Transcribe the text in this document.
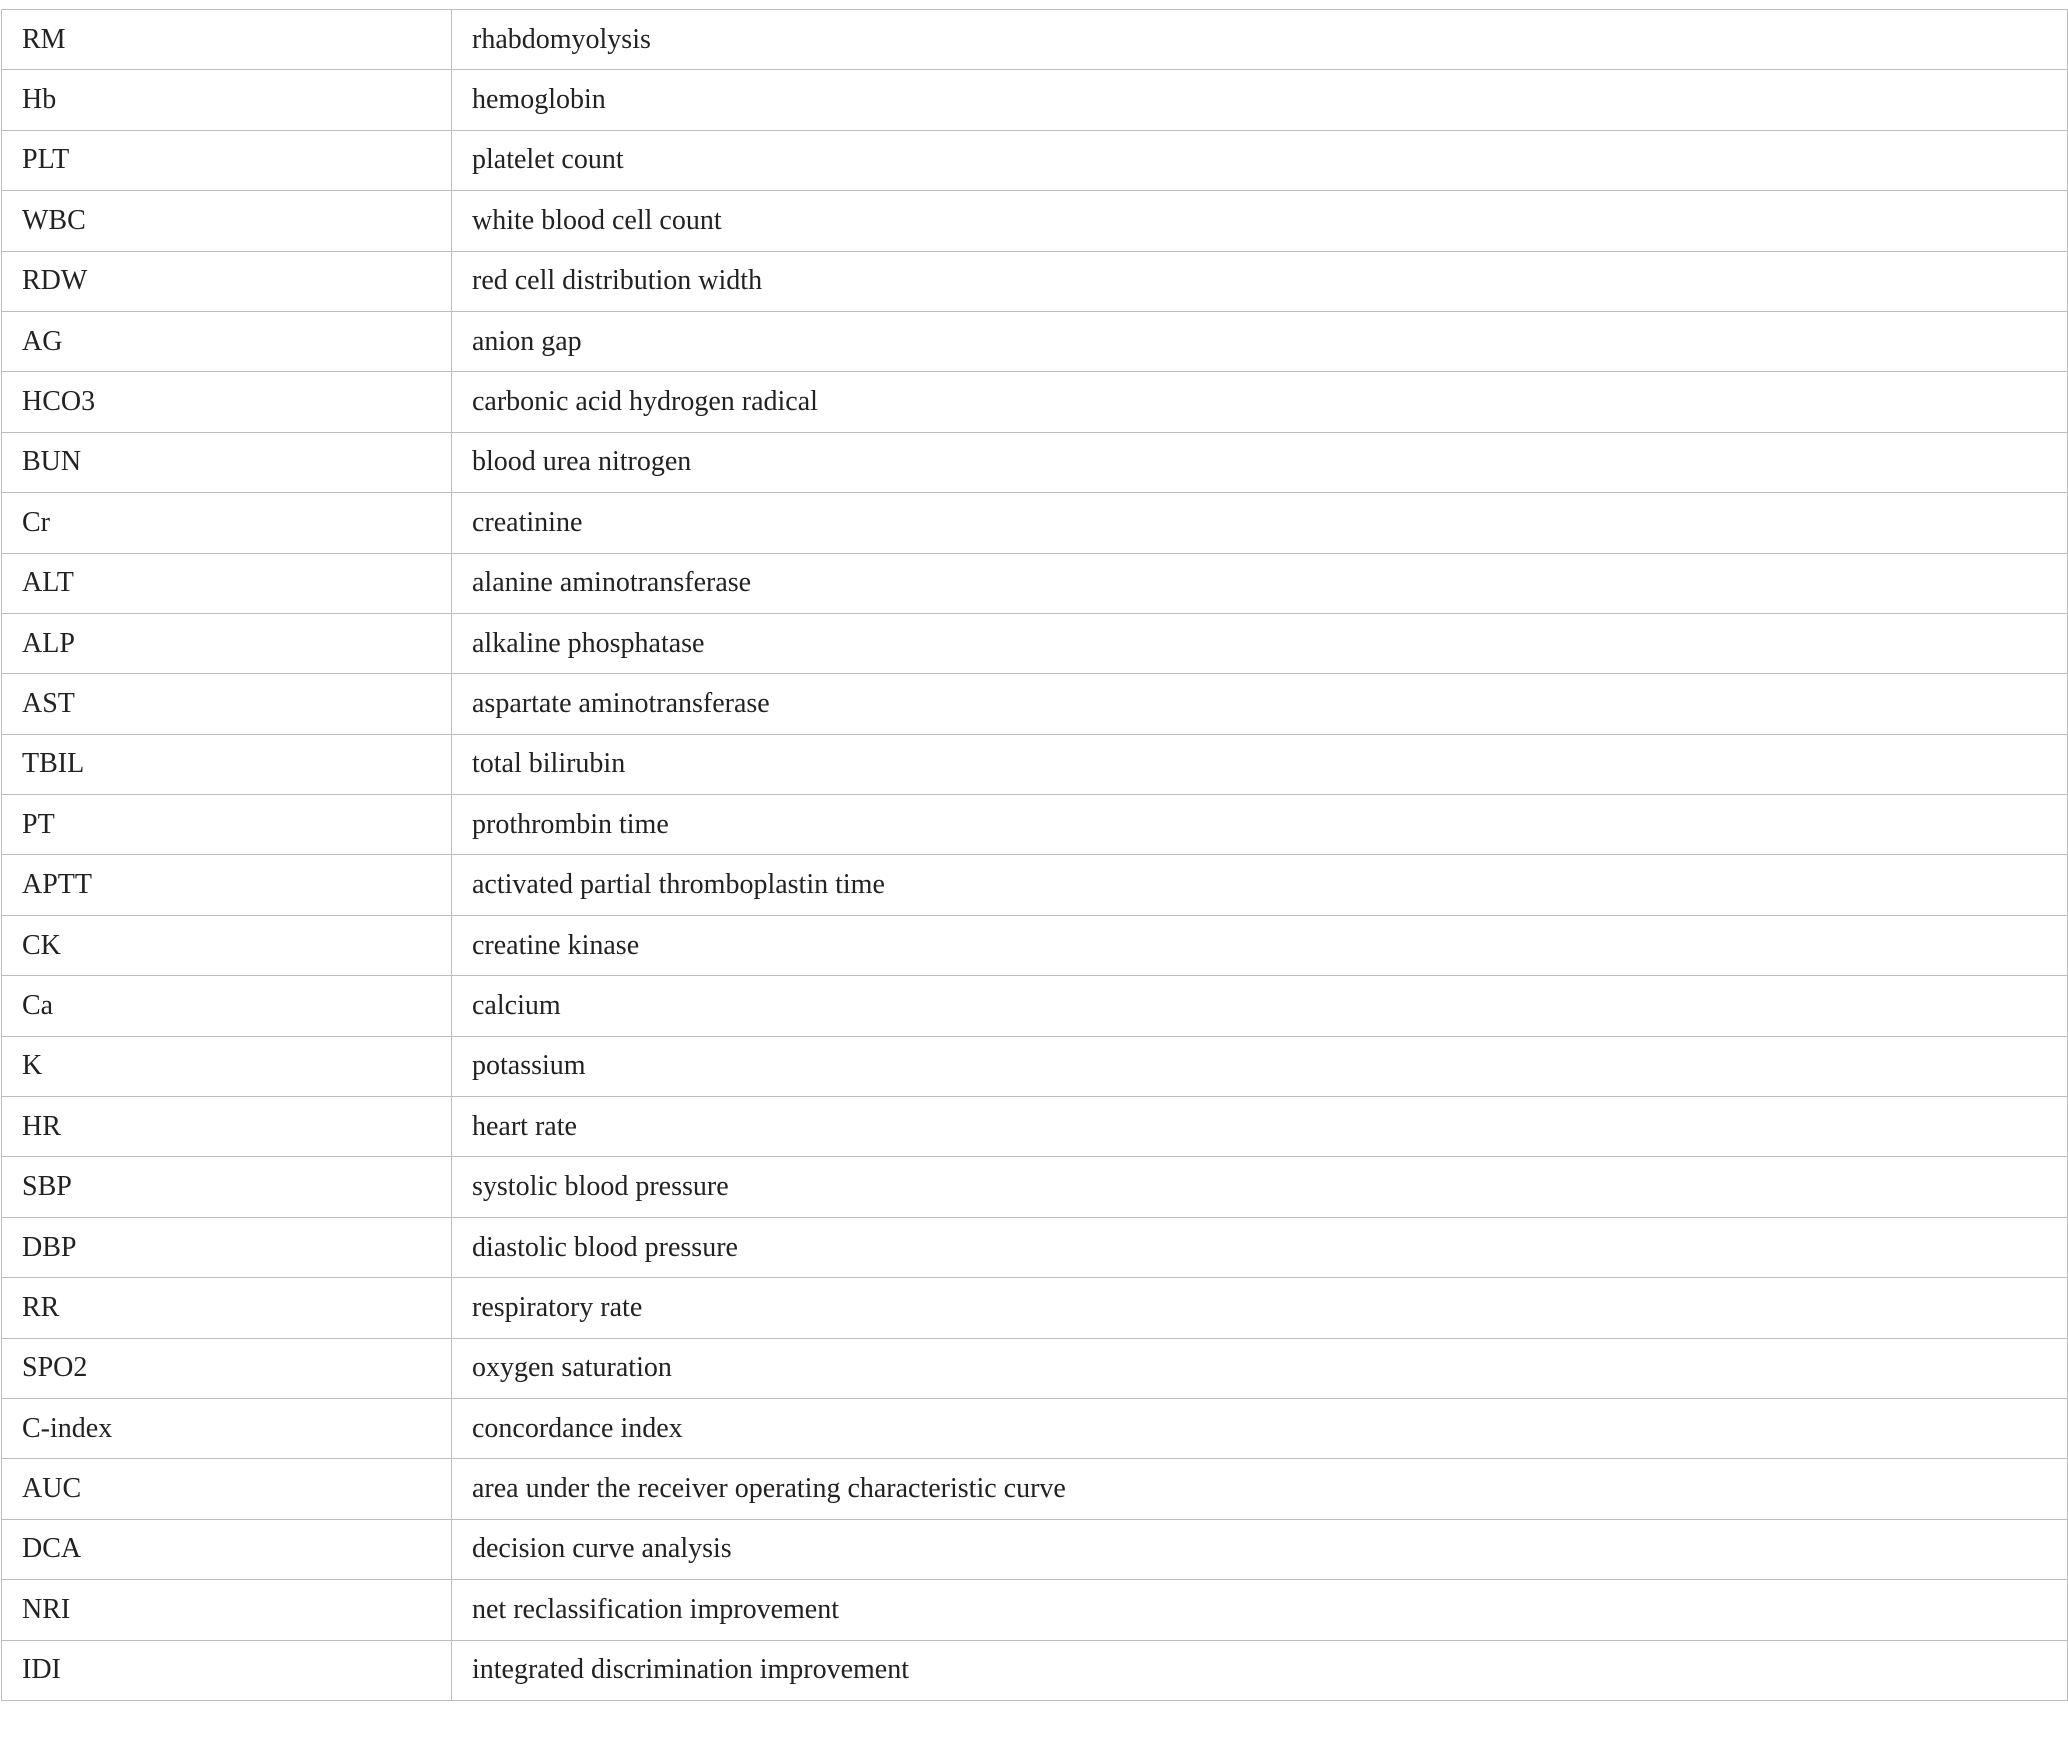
RM	rhabdomyolysis
Hb	hemoglobin
PLT	platelet count
WBC	white blood cell count
RDW	red cell distribution width
AG	anion gap
HCO3	carbonic acid hydrogen radical
BUN	blood urea nitrogen
Cr	creatinine
ALT	alanine aminotransferase
ALP	alkaline phosphatase
AST	aspartate aminotransferase
TBIL	total bilirubin
PT	prothrombin time
APTT	activated partial thromboplastin time
CK	creatine kinase
Ca	calcium
K	potassium
HR	heart rate
SBP	systolic blood pressure
DBP	diastolic blood pressure
RR	respiratory rate
SPO2	oxygen saturation
C-index	concordance index
AUC	area under the receiver operating characteristic curve
DCA	decision curve analysis
NRI	net reclassification improvement
IDI	integrated discrimination improvement
